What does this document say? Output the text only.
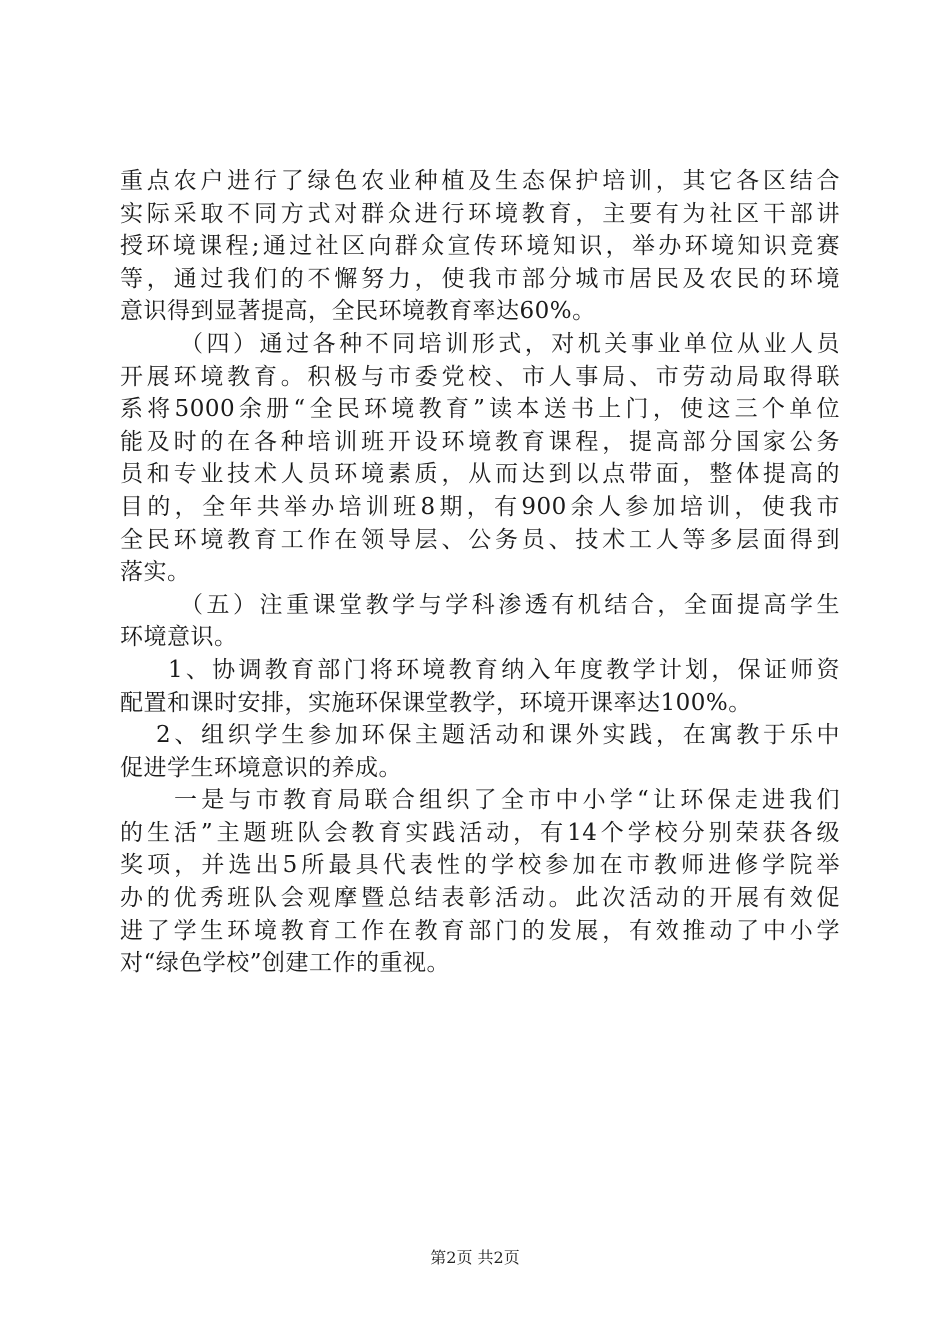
重点农户进行了绿色农业种植及生态保护培训，其它各区结合
实际采取不同方式对群众进行环境教育，主要有为社区干部讲
授环境课程;通过社区向群众宣传环境知识，举办环境知识竞赛
等，通过我们的不懈努力，使我市部分城市居民及农民的环境
意识得到显著提高，全民环境教育率达60%。
（四）通过各种不同培训形式，对机关事业单位从业人员
开展环境教育。积极与市委党校、市人事局、市劳动局取得联
系将5000余册“全民环境教育”读本送书上门，使这三个单位
能及时的在各种培训班开设环境教育课程，提高部分国家公务
员和专业技术人员环境素质，从而达到以点带面，整体提高的
目的，全年共举办培训班8期，有900余人参加培训，使我市
全民环境教育工作在领导层、公务员、技术工人等多层面得到
落实。
（五）注重课堂教学与学科渗透有机结合，全面提高学生
环境意识。
1、协调教育部门将环境教育纳入年度教学计划，保证师资
配置和课时安排，实施环保课堂教学，环境开课率达100%。
2、组织学生参加环保主题活动和课外实践，在寓教于乐中
促进学生环境意识的养成。
一是与市教育局联合组织了全市中小学“让环保走进我们
的生活”主题班队会教育实践活动，有14个学校分别荣获各级
奖项，并选出5所最具代表性的学校参加在市教师进修学院举
办的优秀班队会观摩暨总结表彰活动。此次活动的开展有效促
进了学生环境教育工作在教育部门的发展，有效推动了中小学
对“绿色学校”创建工作的重视。
第2页 共2页
